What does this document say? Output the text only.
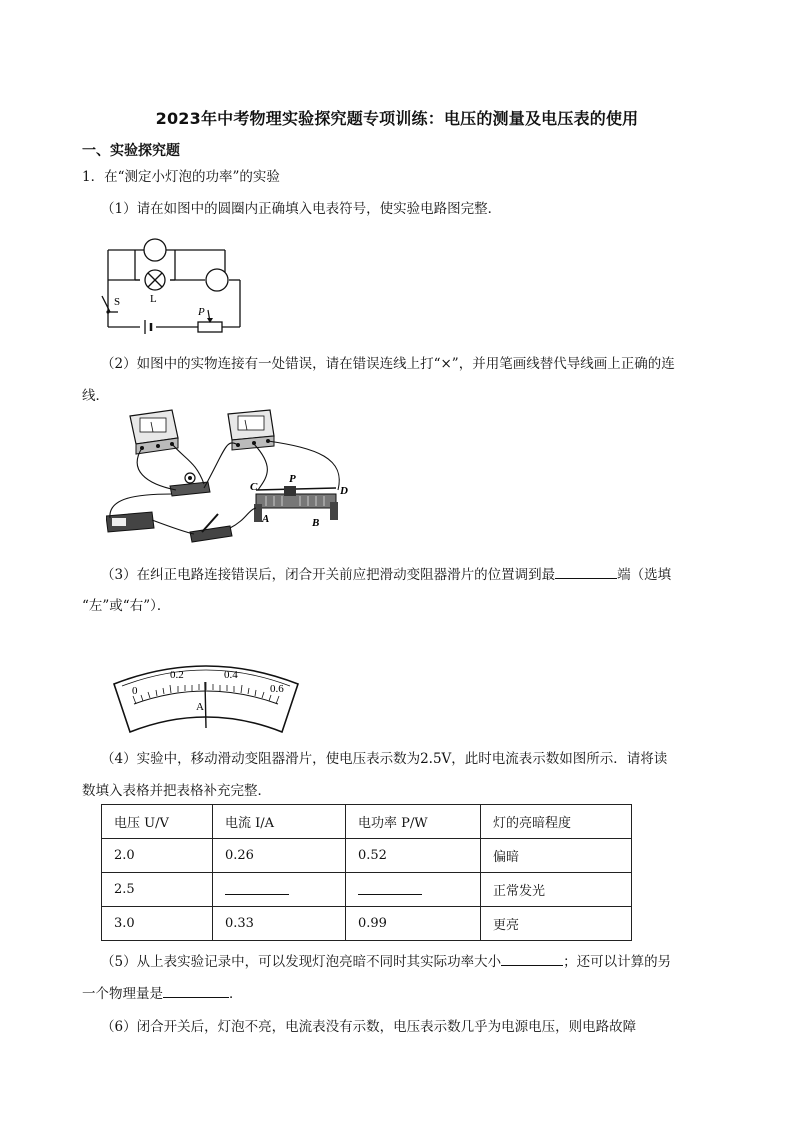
2023年中考物理实验探究题专项训练：电压的测量及电压表的使用
一、实验探究题
1．在“测定小灯泡的功率”的实验
（1）请在如图中的圆圈内正确填入电表符号，使实验电路图完整．
S	L
P
（2）如图中的实物连接有一处错误，请在错误连线上打“×”，并用笔画线替代导线画上正确的连
线．
C
P
D
A	B
（3）在纠正电路连接错误后，闭合开关前应把滑动变阻器滑片的位置调到最	端（选填
“左”或“右”）．
0
0.2	0.4
0.6
A
（4）实验中，移动滑动变阻器滑片，使电压表示数为2.5V，此时电流表示数如图所示．请将读
数填入表格并把表格补充完整．
电压 U/V	电流 I/A	电功率 P/W	灯的亮暗程度
2.0	0.26	0.52	偏暗
2.5			正常发光
3.0	0.33	0.99	更亮
（5）从上表实验记录中，可以发现灯泡亮暗不同时其实际功率大小	；还可以计算的另
一个物理量是	．
（6）闭合开关后，灯泡不亮，电流表没有示数，电压表示数几乎为电源电压，则电路故障
